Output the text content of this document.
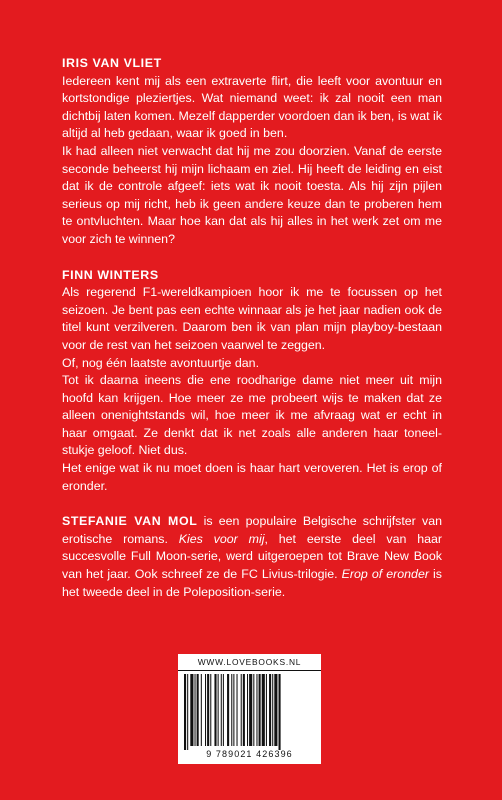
IRIS VAN VLIET

Iedereen kent mij als een extraverte flirt, die leeft voor avontuur en kortstondige pleziertjes. Wat niemand weet: ik zal nooit een man dichtbij laten komen. Mezelf dapperder voordoen dan ik ben, is wat ik altijd al heb gedaan, waar ik goed in ben.

Ik had alleen niet verwacht dat hij me zou doorzien. Vanaf de eerste seconde beheerst hij mijn lichaam en ziel. Hij heeft de leiding en eist dat ik de controle afgeef: iets wat ik nooit toesta. Als hij zijn pijlen serieus op mij richt, heb ik geen andere keuze dan te proberen hem te ontvluchten. Maar hoe kan dat als hij alles in het werk zet om me voor zich te winnen?

FINN WINTERS

Als regerend F1-wereldkampioen hoor ik me te focussen op het seizoen. Je bent pas een echte winnaar als je het jaar nadien ook de titel kunt verzilveren. Daarom ben ik van plan mijn playboy-bestaan voor de rest van het seizoen vaarwel te zeggen.

Of, nog één laatste avontuurtje dan.

Tot ik daarna ineens die ene roodharige dame niet meer uit mijn hoofd kan krijgen. Hoe meer ze me probeert wijs te maken dat ze alleen onenightstands wil, hoe meer ik me afvraag wat er echt in haar omgaat. Ze denkt dat ik net zoals alle anderen haar toneel-stukje geloof. Niet dus.

Het enige wat ik nu moet doen is haar hart veroveren. Het is erop of eronder.

STEFANIE VAN MOL is een populaire Belgische schrijfster van erotische romans. Kies voor mij, het eerste deel van haar succesvolle Full Moon-serie, werd uitgeroepen tot Brave New Book van het jaar. Ook schreef ze de FC Livius-trilogie. Erop of eronder is het tweede deel in de Poleposition-serie.

WWW.LOVEBOOKS.NL
9 789021 426396
